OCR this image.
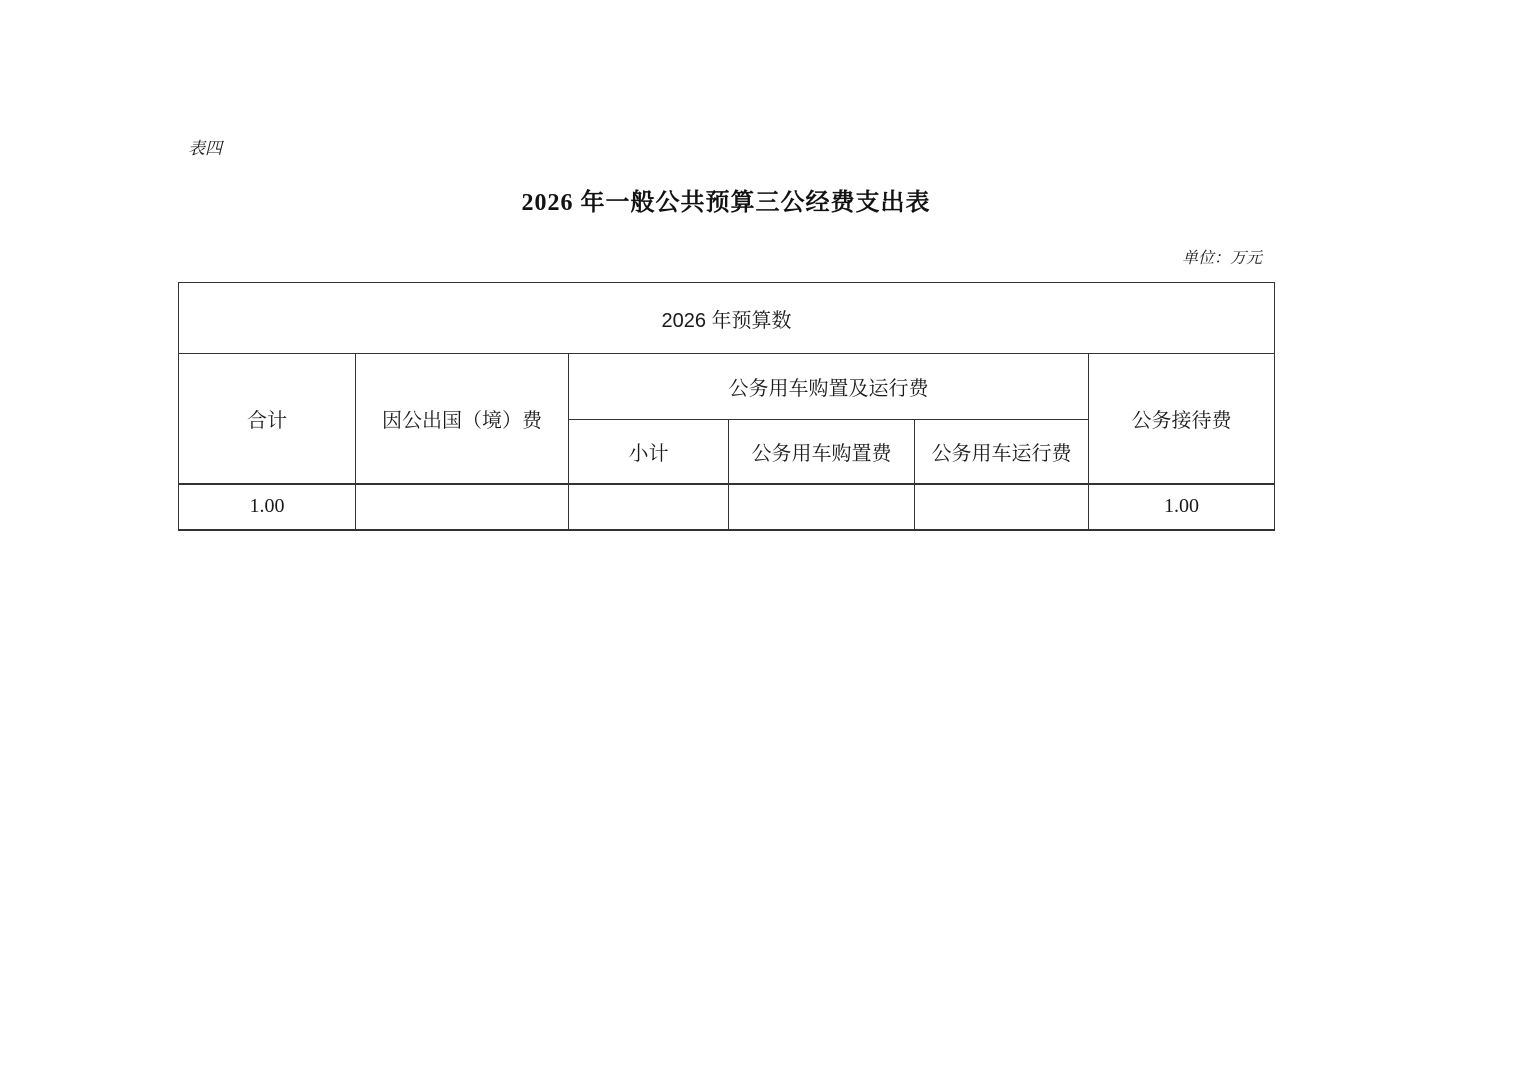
表四
2026 年一般公共预算三公经费支出表
单位：万元
2026 年预算数					
合计	因公出国（境）费	公务用车购置及运行费			公务接待费
		小计	公务用车购置费	公务用车运行费	
1.00					1.00
